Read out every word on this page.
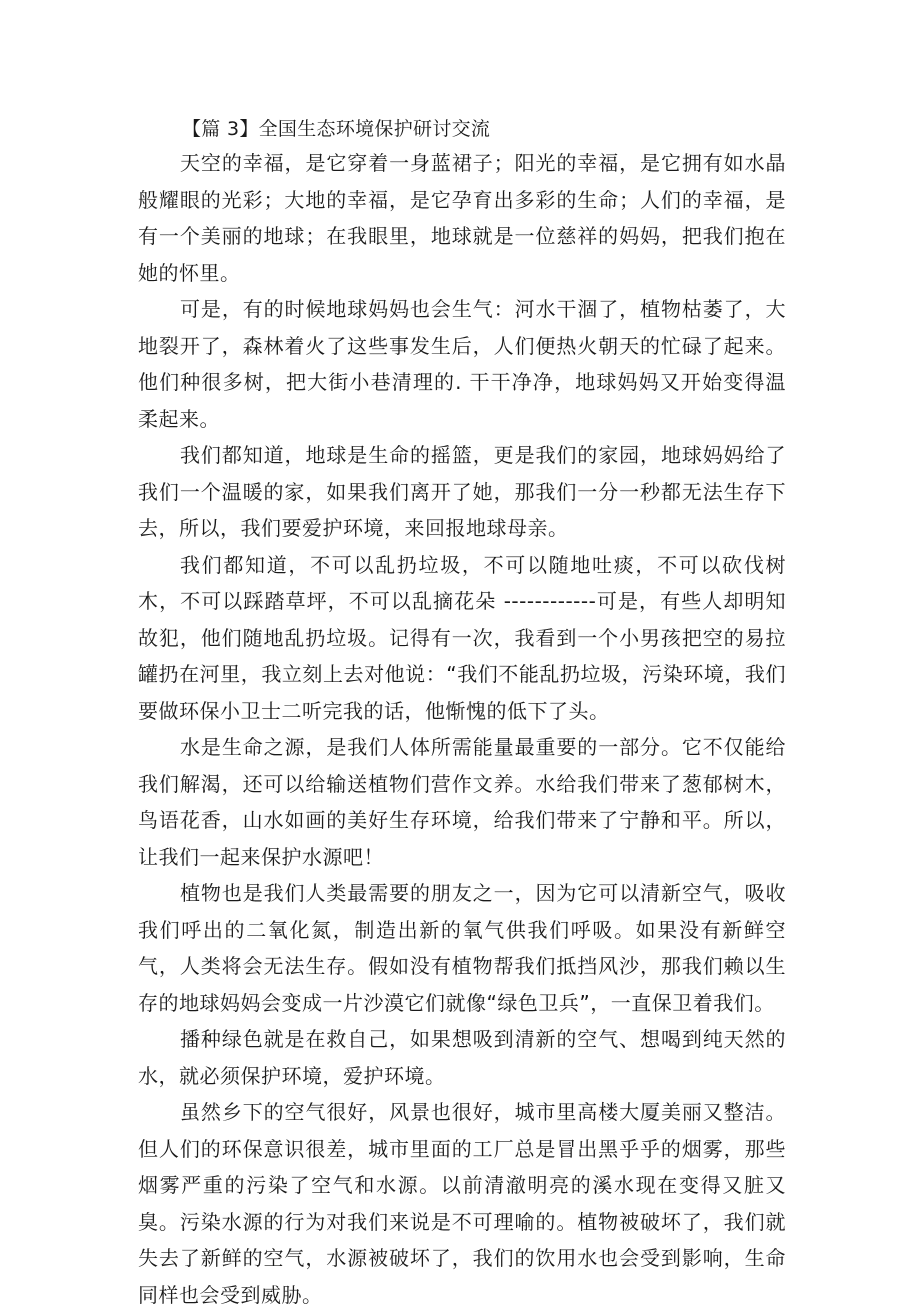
【篇 3】全国生态环境保护研讨交流

天空的幸福，是它穿着一身蓝裙子；阳光的幸福，是它拥有如水晶般耀眼的光彩；大地的幸福，是它孕育出多彩的生命；人们的幸福，是有一个美丽的地球；在我眼里，地球就是一位慈祥的妈妈，把我们抱在她的怀里。

可是，有的时候地球妈妈也会生气：河水干涸了，植物枯萎了，大地裂开了，森林着火了这些事发生后，人们便热火朝天的忙碌了起来。他们种很多树，把大街小巷清理的. 干干净净，地球妈妈又开始变得温柔起来。

我们都知道，地球是生命的摇篮，更是我们的家园，地球妈妈给了我们一个温暖的家，如果我们离开了她，那我们一分一秒都无法生存下去，所以，我们要爱护环境，来回报地球母亲。

我们都知道，不可以乱扔垃圾，不可以随地吐痰，不可以砍伐树木，不可以踩踏草坪，不可以乱摘花朵 ------------可是，有些人却明知故犯，他们随地乱扔垃圾。记得有一次，我看到一个小男孩把空的易拉罐扔在河里，我立刻上去对他说：“我们不能乱扔垃圾，污染环境，我们要做环保小卫士二听完我的话，他惭愧的低下了头。

水是生命之源，是我们人体所需能量最重要的一部分。它不仅能给我们解渴，还可以给输送植物们营作文养。水给我们带来了葱郁树木，鸟语花香，山水如画的美好生存环境，给我们带来了宁静和平。所以，让我们一起来保护水源吧！

植物也是我们人类最需要的朋友之一，因为它可以清新空气，吸收我们呼出的二氧化氮，制造出新的氧气供我们呼吸。如果没有新鲜空气，人类将会无法生存。假如没有植物帮我们抵挡风沙，那我们赖以生存的地球妈妈会变成一片沙漠它们就像“绿色卫兵”，一直保卫着我们。

播种绿色就是在救自己，如果想吸到清新的空气、想喝到纯天然的水，就必须保护环境，爱护环境。

虽然乡下的空气很好，风景也很好，城市里高楼大厦美丽又整洁。但人们的环保意识很差，城市里面的工厂总是冒出黑乎乎的烟雾，那些烟雾严重的污染了空气和水源。以前清澈明亮的溪水现在变得又脏又臭。污染水源的行为对我们来说是不可理喻的。植物被破坏了，我们就失去了新鲜的空气，水源被破坏了，我们的饮用水也会受到影响，生命同样也会受到威胁。
